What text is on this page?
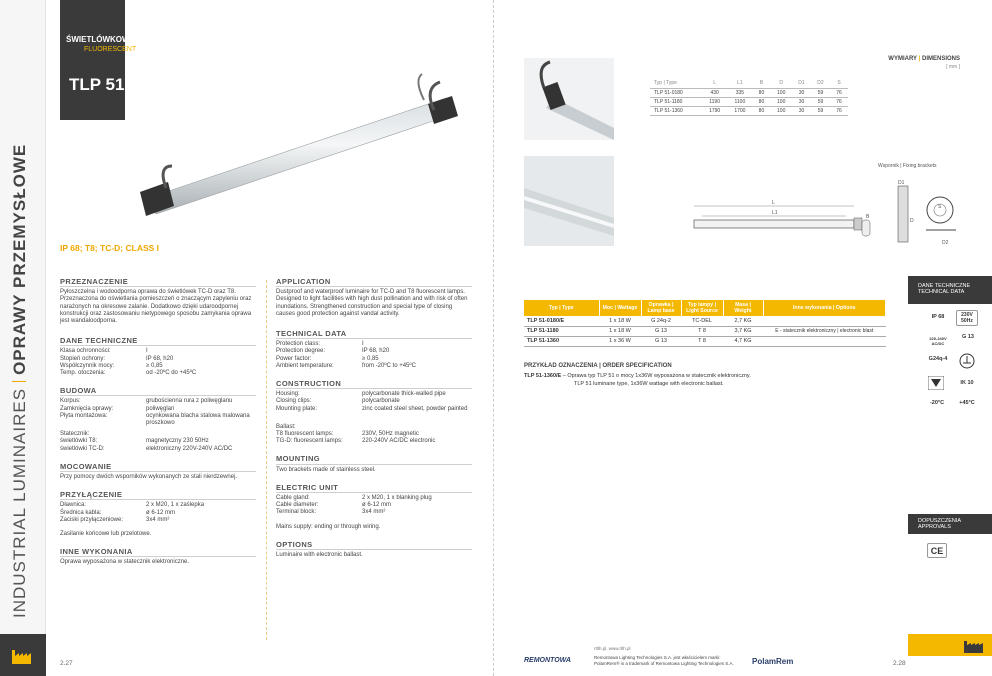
INDUSTRIAL LUMINAIRESOPRAWY PRZEMYSŁOWE
ŚWIETLÓWKOWE
FLUORESCENT
TLP 51
IP 68; T8; TC-D; CLASS I
PRZEZNACZENIE
Pyłoszczelna i wodoodporna oprawa do świetlówek TC-D oraz T8. Przeznaczona do oświetlania pomieszczeń o znaczącym zapyleniu oraz narażonych na okresowe zalanie. Dodatkowo dzięki udaroodpornej konstrukcji oraz zastosowaniu nietypowego sposobu zamykania oprawa jest wandaloodporna.
DANE TECHNICZNE
Klasa ochronności:	I
Stopień ochrony:	IP 68, h20
Współczynnik mocy:	≥ 0,85
Temp. otoczenia:	od -20ºC do +45ºC
BUDOWA
Korpus:	grubościenna rura z poliwęglanu
Zamknięcia oprawy:	poliwęglan
Płyta montażowa:	ocynkowana blacha stalowa malowana proszkowo
Statecznik:
świetlówki T8:	magnetyczny 230 50Hz
świetlówki TC-D:	elektroniczny 220V-240V AC/DC
MOCOWANIE
Przy pomocy dwóch wsporników wykonanych ze stali nierdzewnej.
PRZYŁĄCZENIE
Dławnica:	2 x M20, 1 x zaślepka
Średnica kabla:	ø 6-12 mm
Zaciski przyłączeniowe:	3x4 mm²
Zasilanie końcowe lub przelotowe.
INNE WYKONANIA
Oprawa wyposażona w statecznik elektroniczne.
APPLICATION
Dustproof and waterproof luminaire for TC-D and T8 fluorescent lamps. Designed to light facilities with high dust pollination and with risk of often inundations. Strengthened construction and special type of closing causes good protection against vandal activity.
TECHNICAL DATA
Protection class:	I
Protection degree:	IP 68, h20
Power factor:	≥ 0,85
Ambient temperature:	from -20ºC to +45ºC
CONSTRUCTION
Housing:	polycarbonate thick-walled pipe
Closing clips:	polycarbonate
Mounting plate:	zinc coated steel sheet, powder painted
Ballast:
T8 fluorescent lamps:	230V, 50Hz magnetic
TG-D: fluorescent lamps:	220-240V AC/DC electronic
MOUNTING
Two brackets made of stainless steel.
ELECTRIC UNIT
Cable gland:	2 x M20, 1 x blanking plug
Cable diameter:	ø 6-12 mm
Terminal block:	3x4 mm²
Mains supply: ending or through wiring.
OPTIONS
Luminaire with electronic ballast.
2.27
WYMIARY | DIMENSIONS
[ mm ]
Typ | Type	L	L1	B	D	D1	D2	S
TLP 51-0180	430	335	80	100	30	59	76
TLP 51-1180	1190	1100	80	100	30	59	76
TLP 51-1360	1790	1700	80	100	30	59	76
Wspornik | Fixing brackets
L
L1
B
D
D1
S
D2
Typ | Type	Moc | Wattage	Oprawka | Lamp base	Typ lampy | Light Source	Masa | Weight	Inne wykonania | Options
TLP 51-0180/E	1 x 18 W	G 24q-2	TC-DEL	2,7 KG	
TLP 51-1180	1 x 18 W	G 13	T 8	3,7 KG	E - statecznik elektroniczny | electronic blast
TLP 51-1360	1 x 36 W	G 13	T 8	4,7 KG	
PRZYKŁAD OZNACZENIA | ORDER SPECIFICATION
TLP 51-1360/E – Oprawa typ TLP 51 o mocy 1x36W wyposażona w statecznik elektroniczny.
TLP 51 luminaire type, 1x36W wattage with electronic ballast.
DANE TECHNICZNE
TECHNICAL DATA
IP 68	230V 50Hz
220-240V AC/DC
G 13
G24q-4
IK 10
-20°C	+45°C
DOPUSZCZENIA
APPROVALS
CE
REMONTOWA
rtlth.pl, www.rlth.pl
Remontowa Lighting Technologies S.A. jest właścicielem marki:
PolamRem® is a trademark of Remontowa Lighting Technologies S.A. PolamRem	2.28
